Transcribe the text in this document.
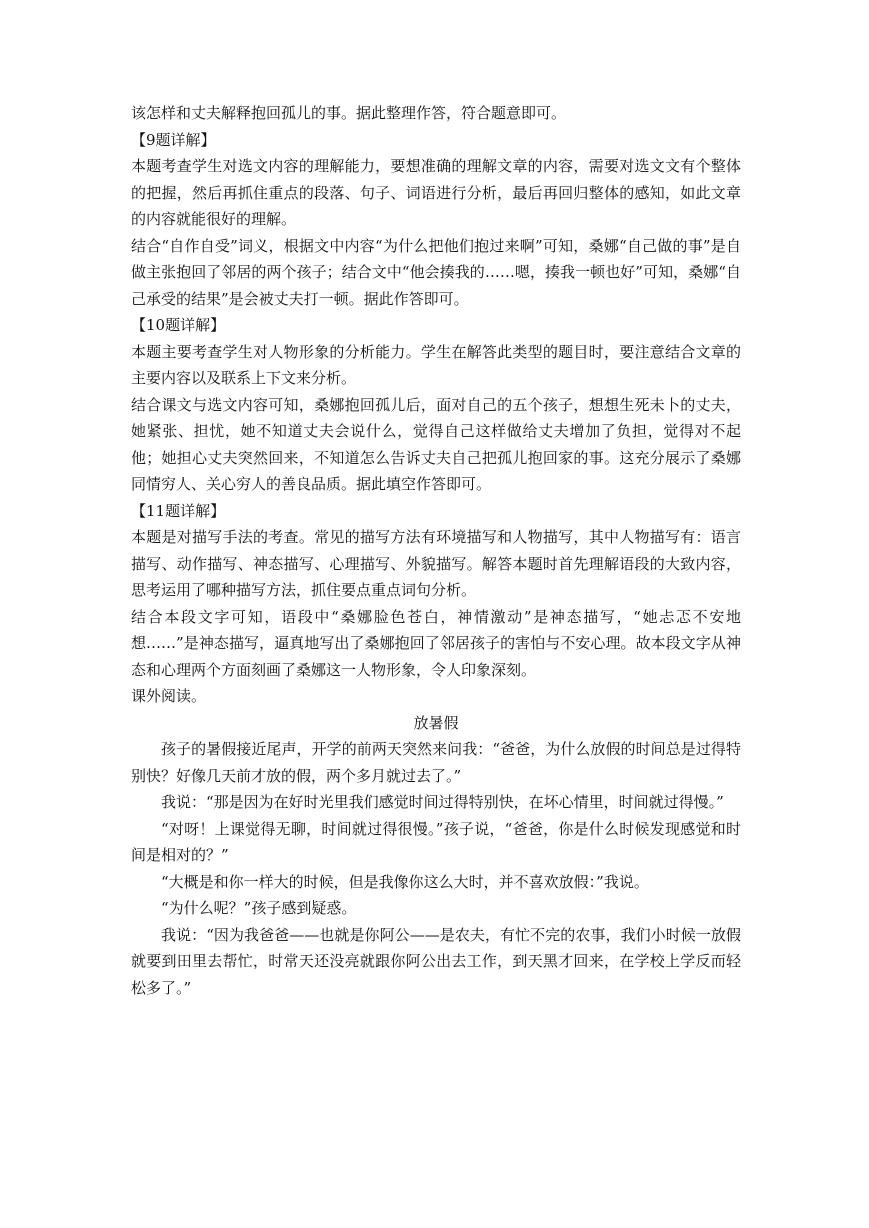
该怎样和丈夫解释抱回孤儿的事。据此整理作答，符合题意即可。

【9题详解】

本题考查学生对选文内容的理解能力，要想准确的理解文章的内容，需要对选文文有个整体的把握，然后再抓住重点的段落、句子、词语进行分析，最后再回归整体的感知，如此文章的内容就能很好的理解。

结合“自作自受”词义，根据文中内容“为什么把他们抱过来啊”可知，桑娜“自己做的事”是自做主张抱回了邻居的两个孩子；结合文中“他会揍我的……嗯，揍我一顿也好”可知，桑娜“自己承受的结果”是会被丈夫打一顿。据此作答即可。

【10题详解】

本题主要考查学生对人物形象的分析能力。学生在解答此类型的题目时，要注意结合文章的主要内容以及联系上下文来分析。

结合课文与选文内容可知，桑娜抱回孤儿后，面对自己的五个孩子，想想生死未卜的丈夫，她紧张、担忧，她不知道丈夫会说什么，觉得自己这样做给丈夫增加了负担，觉得对不起他；她担心丈夫突然回来，不知道怎么告诉丈夫自己把孤儿抱回家的事。这充分展示了桑娜同情穷人、关心穷人的善良品质。据此填空作答即可。

【11题详解】

本题是对描写手法的考查。常见的描写方法有环境描写和人物描写，其中人物描写有：语言描写、动作描写、神态描写、心理描写、外貌描写。解答本题时首先理解语段的大致内容，思考运用了哪种描写方法，抓住要点重点词句分析。

结合本段文字可知，语段中“桑娜脸色苍白，神情激动”是神态描写，“她忐忑不安地想……”是神态描写，逼真地写出了桑娜抱回了邻居孩子的害怕与不安心理。故本段文字从神态和心理两个方面刻画了桑娜这一人物形象，令人印象深刻。

课外阅读。

放暑假

孩子的暑假接近尾声，开学的前两天突然来问我：“爸爸，为什么放假的时间总是过得特别快？好像几天前才放的假，两个多月就过去了。”

我说：“那是因为在好时光里我们感觉时间过得特别快，在坏心情里，时间就过得慢。”

“对呀！上课觉得无聊，时间就过得很慢。”孩子说，“爸爸，你是什么时候发现感觉和时间是相对的？”

“大概是和你一样大的时候，但是我像你这么大时，并不喜欢放假：”我说。

“为什么呢？”孩子感到疑惑。

我说：“因为我爸爸——也就是你阿公——是农夫，有忙不完的农事，我们小时候一放假就要到田里去帮忙，时常天还没亮就跟你阿公出去工作，到天黑才回来，在学校上学反而轻松多了。”
